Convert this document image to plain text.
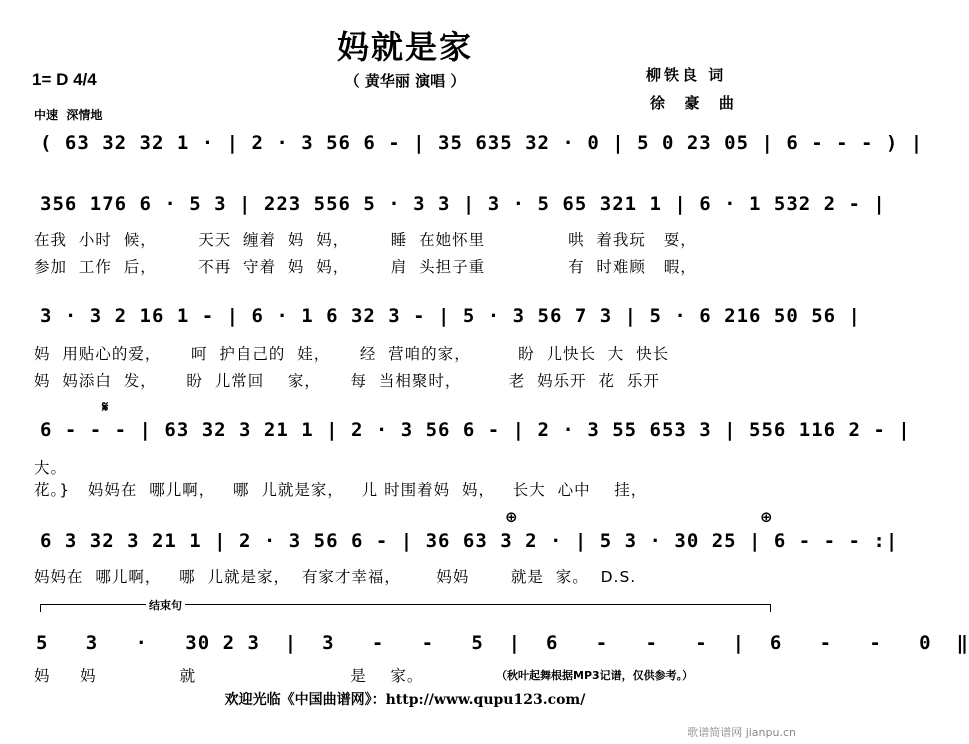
妈就是家
（ 黄华丽 演唱 ）	柳铁良 词
徐  豪  曲
1= D 4/4
中速  深情地
( 63 32 32 1 · | 2 · 3 56 6 - | 35 635 32 · 0 | 5 0 23 05 | 6 - - - ) |
356 176 6 · 5 3 | 223 556 5 · 3 3 | 3 · 5 65 321 1 | 6 · 1 532 2 - |
在我  小时  候，       天天  缠着  妈  妈，       睡  在她怀里              哄  着我玩   耍，
参加  工作  后，       不再  守着  妈  妈，       肩  头担子重              有  时难顾   暇，
3 · 3 2 16 1 - | 6 · 1 6 32 3 - | 5 · 3 56 7 3 | 5 · 6 216 50 56 |
妈  用贴心的爱，     呵  护自己的  娃，     经  营咱的家，        盼  儿快长  大  快长
妈  妈添白  发，     盼  儿常回    家，     每  当相聚时，        老  妈乐开  花  乐开
𝄋
6 - - - | 63 32 3 21 1 | 2 · 3 56 6 - | 2 · 3 55 653 3 | 556 116 2 - |
大。
花。}   妈妈在  哪儿啊，   哪  儿就是家，   儿 时围着妈  妈，   长大  心中    挂，
⊕	⊕
6 3 32 3 21 1 | 2 · 3 56 6 - | 36 63 3 2 · | 5 3 · 30 25 | 6 - - - :|
妈妈在  哪儿啊，   哪  儿就是家，  有家才幸福，      妈妈       就是  家。  D.S.
结束句
5   3   ·   30 2 3  |  3   -   -   5  |  6   -   -   -  |  6   -   -   0  ‖
妈     妈              就                          是    家。	（秋叶起舞根据MP3记谱，仅供参考。）
欢迎光临《中国曲谱网》：http://www.qupu123.com/
歌谱简谱网 jianpu.cn
